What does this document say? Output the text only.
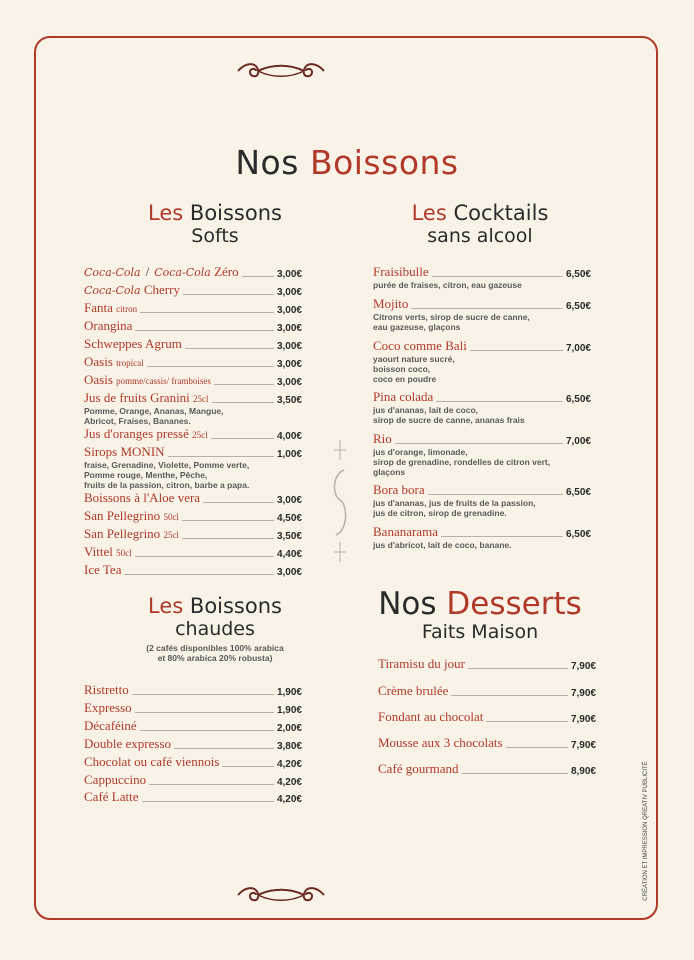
Nos Boissons
Les Boissons
Softs
Les Cocktails
sans alcool
Coca-Cola / Coca-Cola Zéro	3,00€
Coca-Cola Cherry	3,00€
Fanta citron	3,00€
Orangina	3,00€
Schweppes Agrum	3,00€
Oasis tropical	3,00€
Oasis pomme/cassis/ framboises	3,00€
Jus de fruits Granini 25cl	3,50€
Pomme, Orange, Ananas, Mangue,
Abricot, Fraises, Bananes.
Jus d'oranges pressé 25cl	4,00€
Sirops MONIN	1,00€
fraise, Grenadine, Violette, Pomme verte,
Pomme rouge, Menthe, Pêche,
fruits de la passion, citron, barbe a papa.
Boissons à l'Aloe vera	3,00€
San Pellegrino 50cl	4,50€
San Pellegrino 25cl	3,50€
Vittel 50cl	4,40€
Ice Tea	3,00€
Fraisibulle	6,50€
purée de fraises, citron, eau gazeuse
Mojito	6,50€
Citrons verts, sirop de sucre de canne,
eau gazeuse, glaçons
Coco comme Bali	7,00€
yaourt nature sucré,
boisson coco,
coco en poudre
Pina colada	6,50€
jus d'ananas, lait de coco,
sirop de sucre de canne, ananas frais
Rio	7,00€
jus d'orange, limonade,
sirop de grenadine, rondelles de citron vert,
glaçons
Bora bora	6,50€
jus d'ananas, jus de fruits de la passion,
jus de citron, sirop de grenadine.
Bananarama	6,50€
jus d'abricot, lait de coco, banane.
Les Boissons
chaudes
(2 cafés disponibles 100% arabica
et 80% arabica 20% robusta)
Ristretto	1,90€
Expresso	1,90€
Décaféiné	2,00€
Double expresso	3,80€
Chocolat ou café viennois	4,20€
Cappuccino	4,20€
Café Latte	4,20€
Nos Desserts
Faits Maison
Tiramisu du jour	7,90€
Crème brulée	7,90€
Fondant au chocolat	7,90€
Mousse aux 3 chocolats	7,90€
Café gourmand	8,90€	CRÉATION ET IMPRESSION QREATIV PUBLICITÉ
